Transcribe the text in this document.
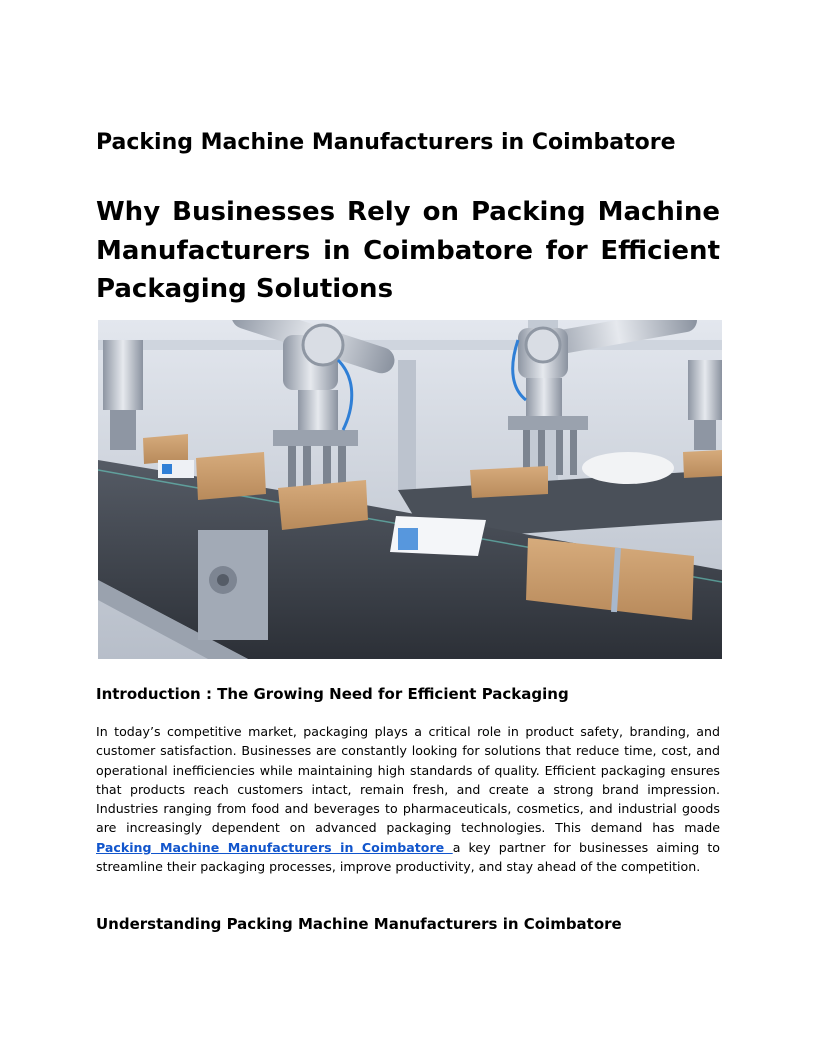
Packing Machine Manufacturers in Coimbatore
Why Businesses Rely on Packing Machine Manufacturers in Coimbatore for Efficient Packaging Solutions
Introduction : The Growing Need for Efficient Packaging

In today’s competitive market, packaging plays a critical role in product safety, branding, and customer satisfaction. Businesses are constantly looking for solutions that reduce time, cost, and operational inefficiencies while maintaining high standards of quality. Efficient packaging ensures that products reach customers intact, remain fresh, and create a strong brand impression. Industries ranging from food and beverages to pharmaceuticals, cosmetics, and industrial goods are increasingly dependent on advanced packaging technologies. This demand has made Packing Machine Manufacturers in Coimbatore a key partner for businesses aiming to streamline their packaging processes, improve productivity, and stay ahead of the competition.

Understanding Packing Machine Manufacturers in Coimbatore
